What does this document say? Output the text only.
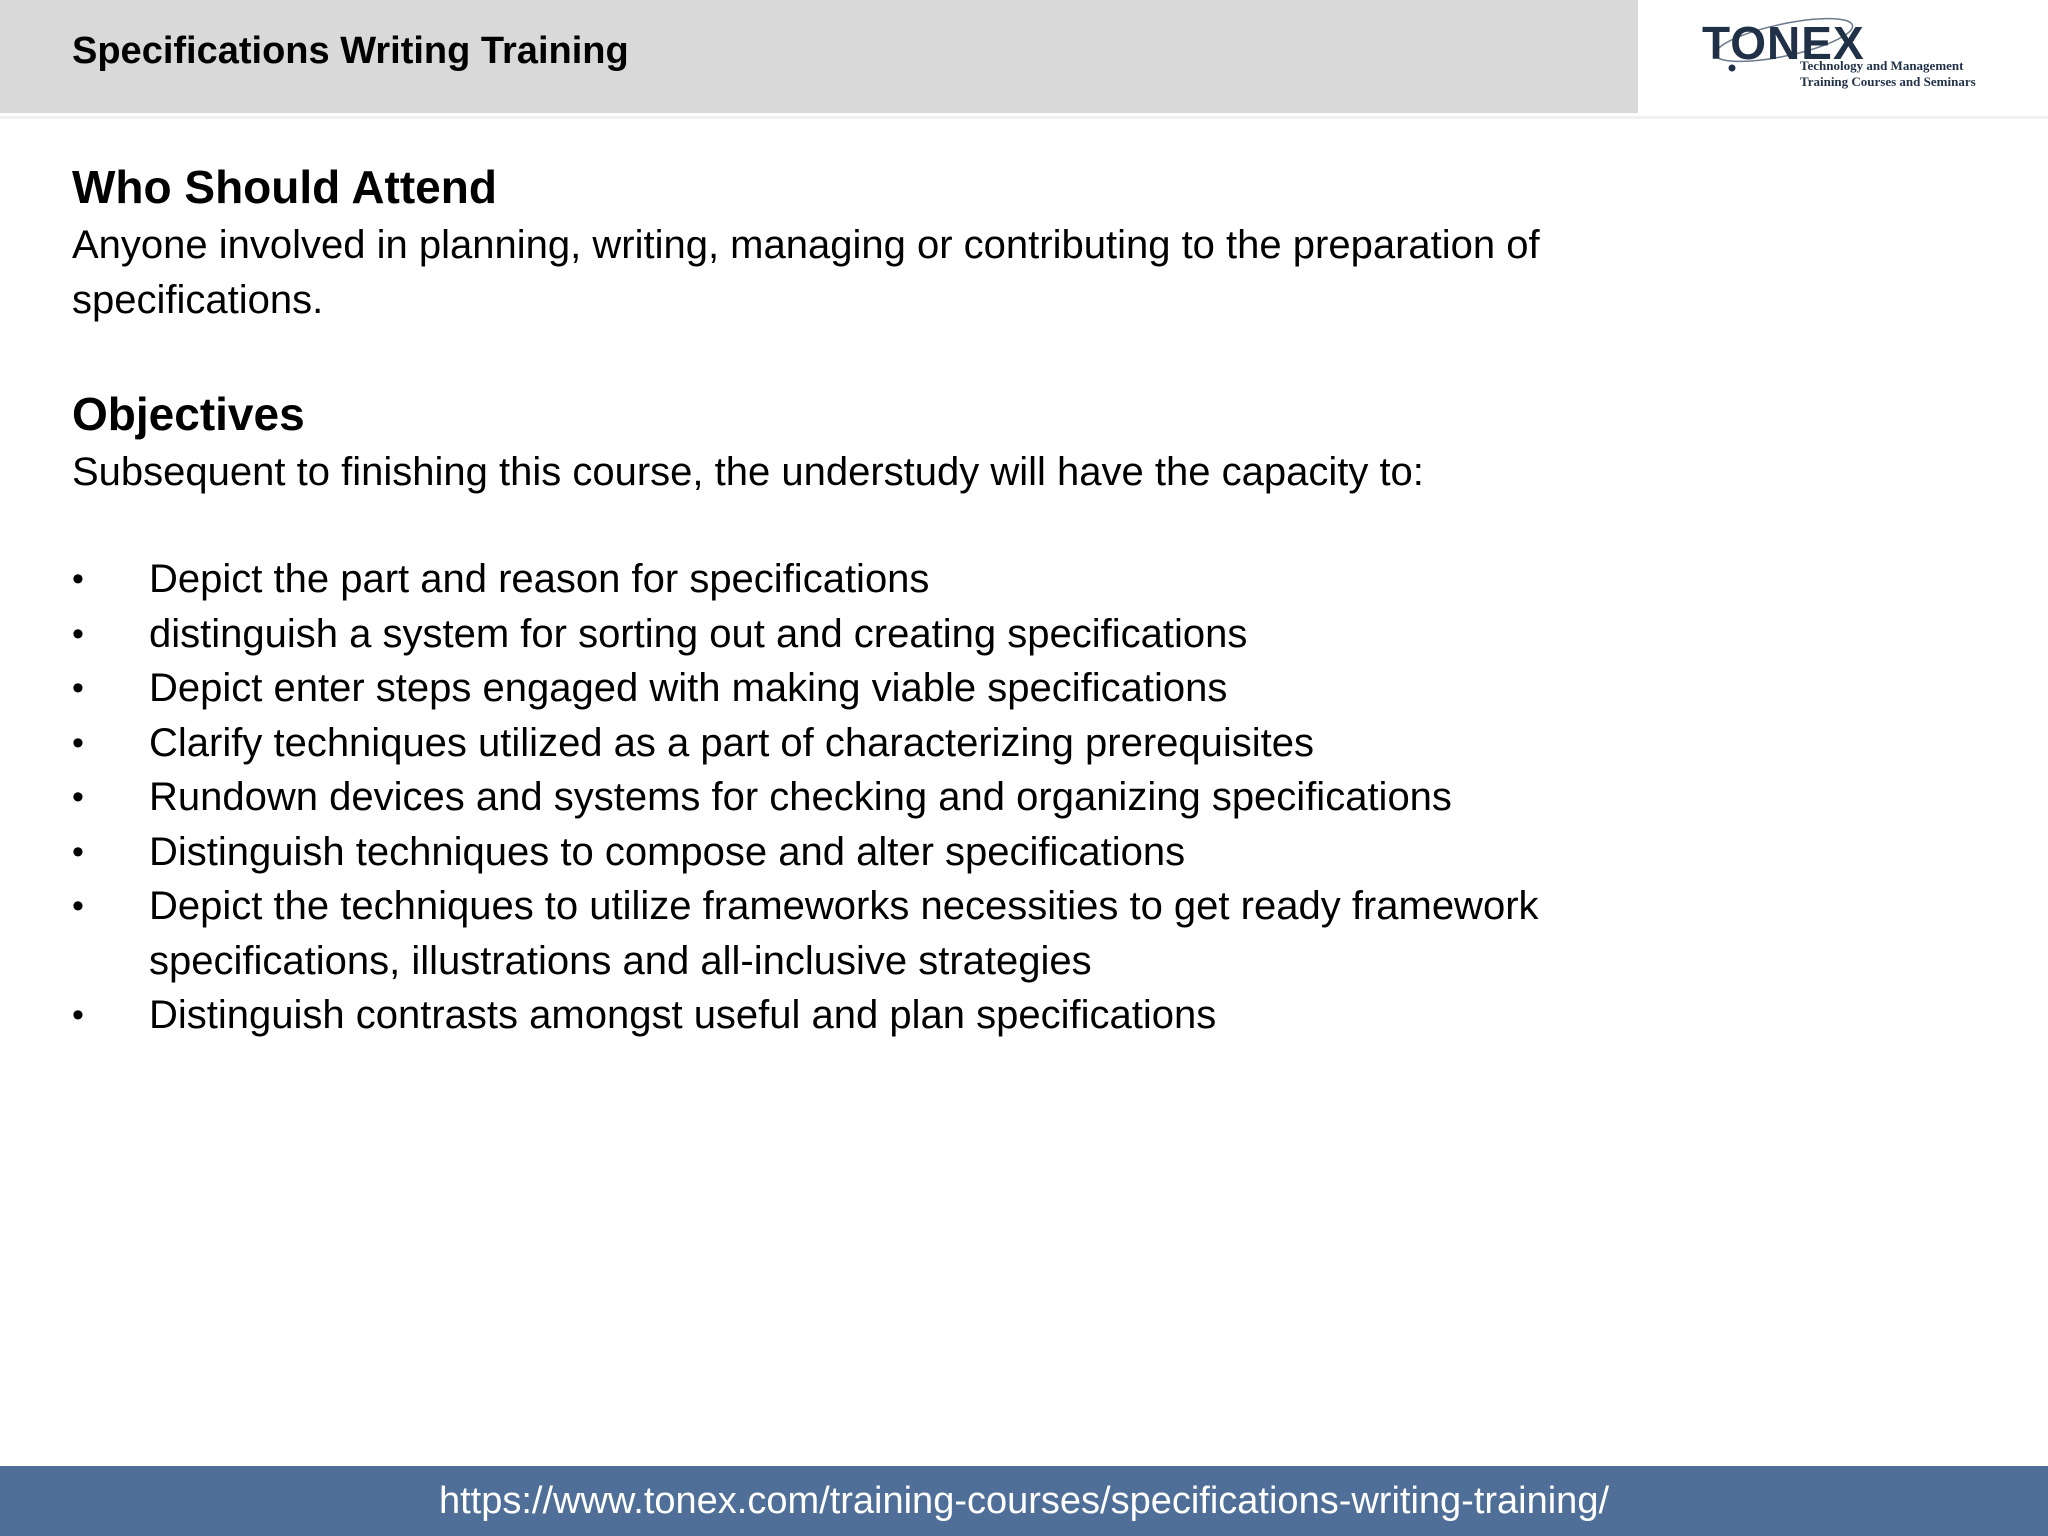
Specifications Writing Training	TONEX
Technology and Management
Training Courses and Seminars
Who Should Attend

Anyone involved in planning, writing, managing or contributing to the preparation of

specifications.

Objectives

Subsequent to finishing this course, the understudy will have the capacity to:

• Depict the part and reason for specifications
• distinguish a system for sorting out and creating specifications
• Depict enter steps engaged with making viable specifications
• Clarify techniques utilized as a part of characterizing prerequisites
• Rundown devices and systems for checking and organizing specifications
• Distinguish techniques to compose and alter specifications
• Depict the techniques to utilize frameworks necessities to get ready framework
specifications, illustrations and all-inclusive strategies
• Distinguish contrasts amongst useful and plan specifications
https://www.tonex.com/training-courses/specifications-writing-training/
